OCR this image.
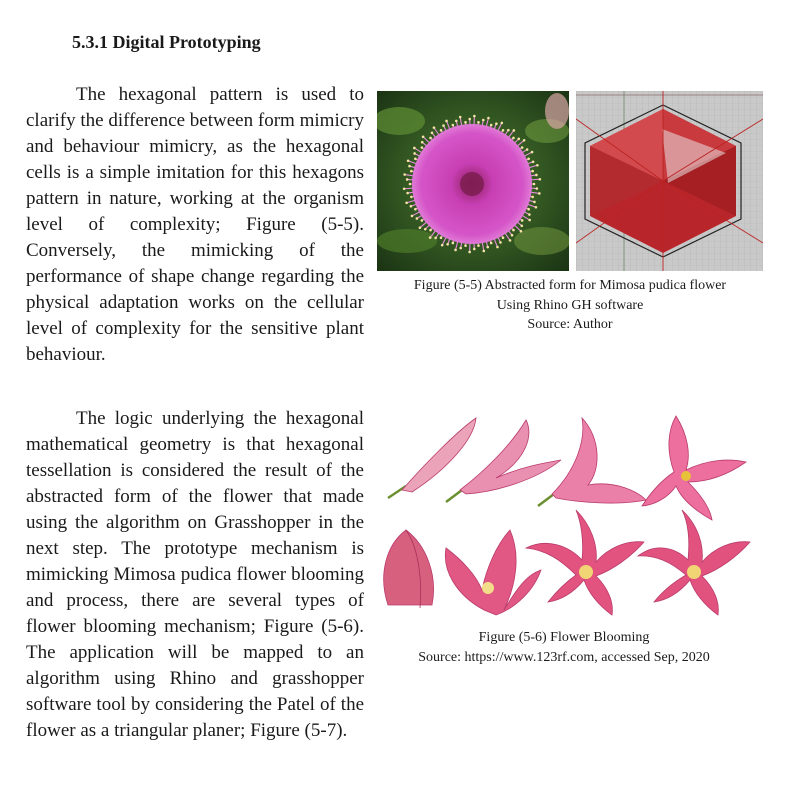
5.3.1 Digital Prototyping

The hexagonal pattern is used to clarify the difference between form mimicry and behaviour mimicry, as the hexagonal cells is a simple imitation for this hexagons pattern in nature, working at the organism level of complexity; Figure (5-5). Conversely, the mimicking of the performance of shape change regarding the physical adaptation works on the cellular level of complexity for the sensitive plant behaviour.

The logic underlying the hexagonal mathematical geometry is that hexagonal tessellation is considered the result of the abstracted form of the flower that made using the algorithm on Grasshopper in the next step. The prototype mechanism is mimicking Mimosa pudica flower blooming and process, there are several types of flower blooming mechanism; Figure (5-6). The application will be mapped to an algorithm using Rhino and grasshopper software tool by considering the Patel of the flower as a triangular planer; Figure (5-7).

Figure (5-5) Abstracted form for Mimosa pudica flower
Using Rhino GH software
Source: Author

Figure (5-6) Flower Blooming
Source: https://www.123rf.com, accessed Sep, 2020
